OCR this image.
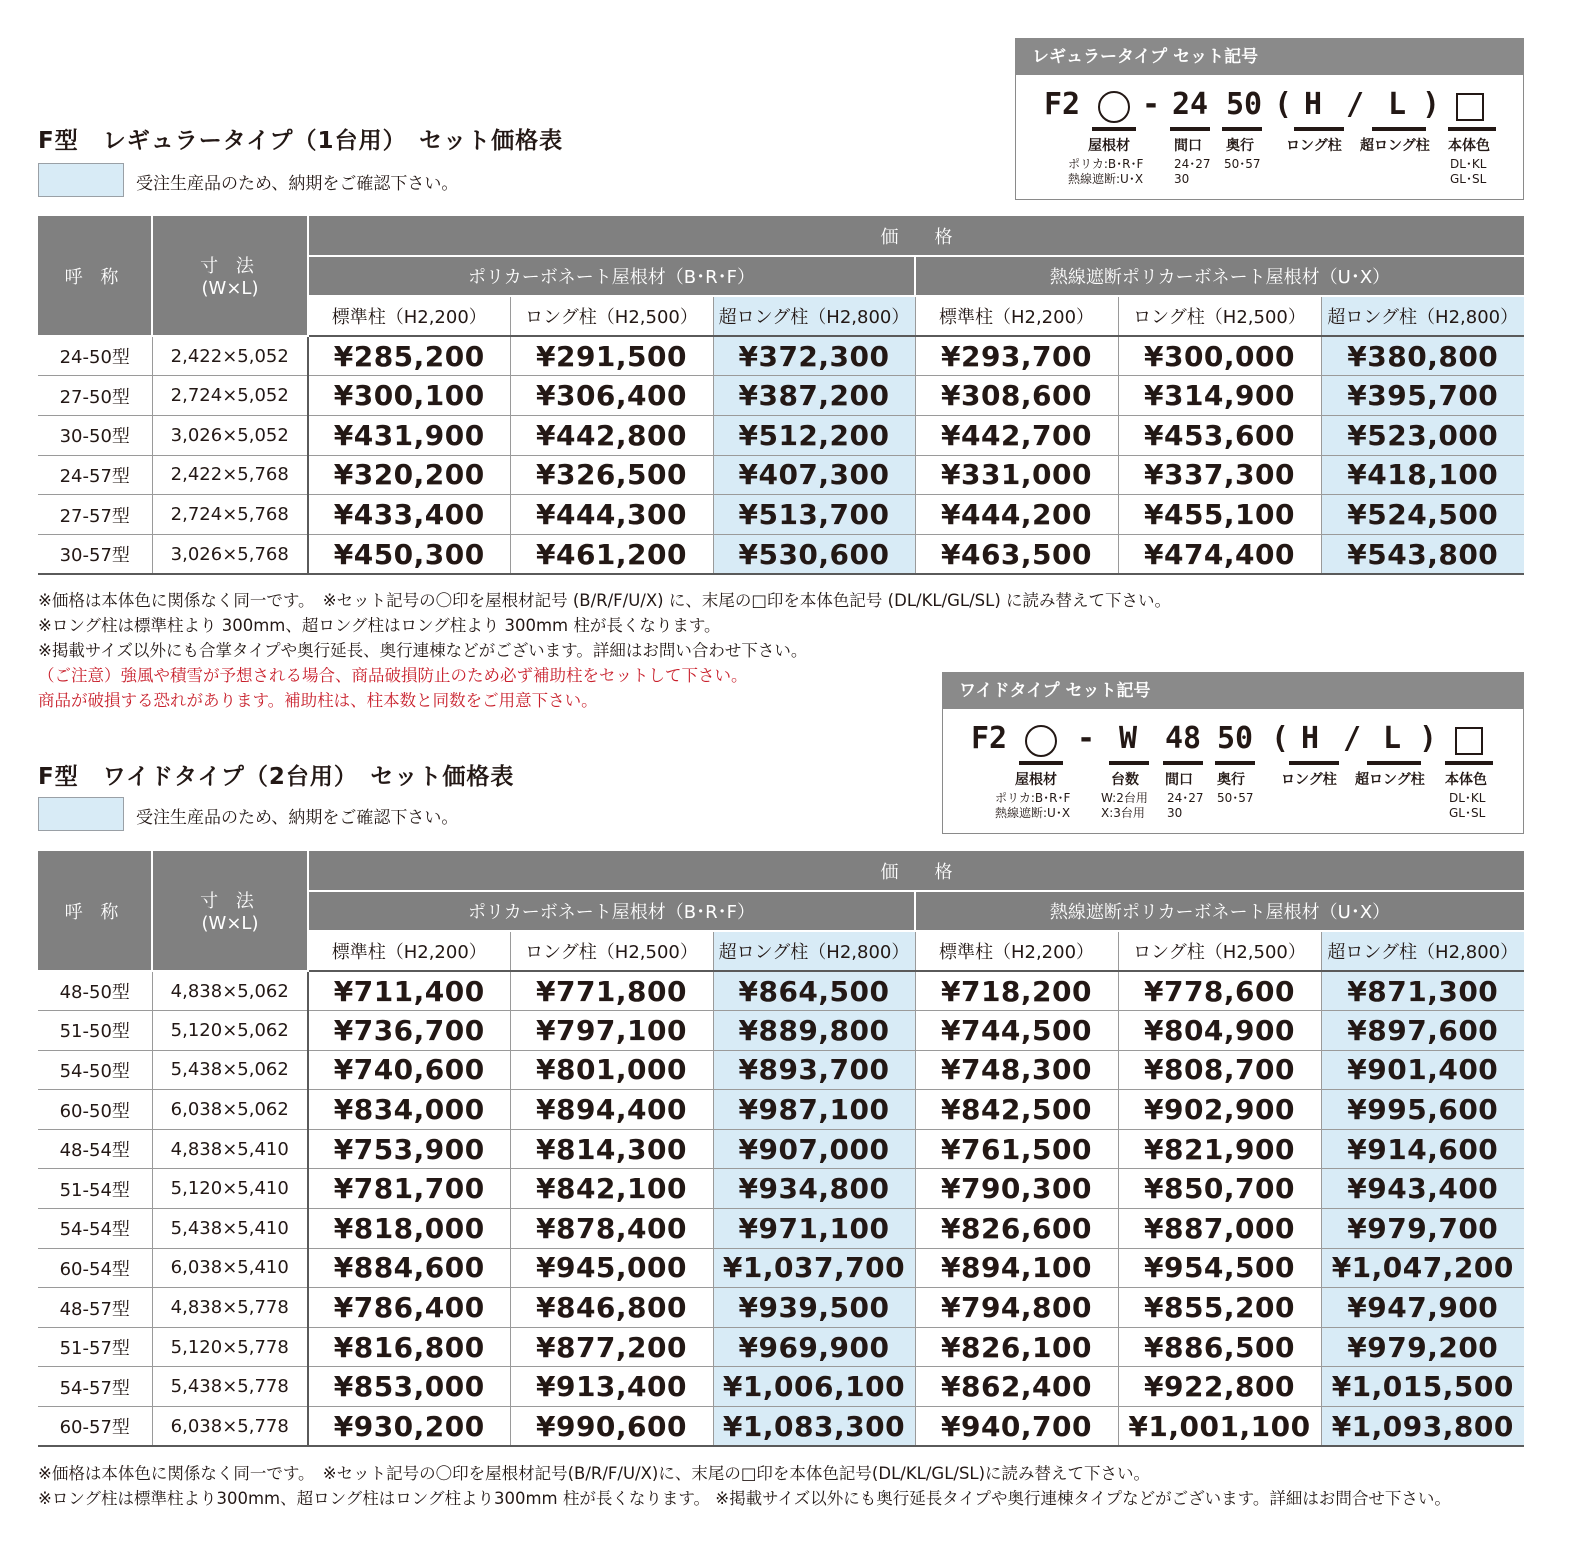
F型　レギュラータイプ（1台用）　セット価格表
受注生産品のため、納期をご確認下さい。
レギュラータイプ セット記号
F2 - 24 50 ( H / L )
屋根材	間口 奥行 ロング柱 超ロング柱 本体色
ポリカ:B･R･F
熱線遮断:U･X
24･27
30
50･57	DL･KL
GL･SL
呼 称	寸 法
(W×L)	価　　格					
		ポリカーボネート屋根材（B･R･F）			熱線遮断ポリカーボネート屋根材（U･X）		
		標準柱（H2,200）	ロング柱（H2,500）	超ロング柱（H2,800）	標準柱（H2,200）	ロング柱（H2,500）	超ロング柱（H2,800）
24-50型	2,422×5,052	¥285,200	¥291,500	¥372,300	¥293,700	¥300,000	¥380,800
27-50型	2,724×5,052	¥300,100	¥306,400	¥387,200	¥308,600	¥314,900	¥395,700
30-50型	3,026×5,052	¥431,900	¥442,800	¥512,200	¥442,700	¥453,600	¥523,000
24-57型	2,422×5,768	¥320,200	¥326,500	¥407,300	¥331,000	¥337,300	¥418,100
27-57型	2,724×5,768	¥433,400	¥444,300	¥513,700	¥444,200	¥455,100	¥524,500
30-57型	3,026×5,768	¥450,300	¥461,200	¥530,600	¥463,500	¥474,400	¥543,800
※価格は本体色に関係なく同一です。　※セット記号の〇印を屋根材記号 (B/R/F/U/X) に、末尾の□印を本体色記号 (DL/KL/GL/SL) に読み替えて下さい。
※ロング柱は標準柱より 300mm、超ロング柱はロング柱より 300mm 柱が長くなります。
※掲載サイズ以外にも合掌タイプや奥行延長、奥行連棟などがございます。詳細はお問い合わせ下さい。
（ご注意）強風や積雪が予想される場合、商品破損防止のため必ず補助柱をセットして下さい。
商品が破損する恐れがあります。補助柱は、柱本数と同数をご用意下さい。
F型　ワイドタイプ（2台用）　セット価格表
受注生産品のため、納期をご確認下さい。
ワイドタイプ セット記号
F2 - W 48 50 ( H / L )
屋根材	台数 間口 奥行	ロング柱 超ロング柱 本体色
ポリカ:B･R･F
熱線遮断:U･X
W:2台用
X:3台用
24･27
30
50･57	DL･KL
GL･SL
呼 称	寸 法
(W×L)	価　　格					
		ポリカーボネート屋根材（B･R･F）			熱線遮断ポリカーボネート屋根材（U･X）		
		標準柱（H2,200）	ロング柱（H2,500）	超ロング柱（H2,800）	標準柱（H2,200）	ロング柱（H2,500）	超ロング柱（H2,800）
48-50型	4,838×5,062	¥711,400	¥771,800	¥864,500	¥718,200	¥778,600	¥871,300
51-50型	5,120×5,062	¥736,700	¥797,100	¥889,800	¥744,500	¥804,900	¥897,600
54-50型	5,438×5,062	¥740,600	¥801,000	¥893,700	¥748,300	¥808,700	¥901,400
60-50型	6,038×5,062	¥834,000	¥894,400	¥987,100	¥842,500	¥902,900	¥995,600
48-54型	4,838×5,410	¥753,900	¥814,300	¥907,000	¥761,500	¥821,900	¥914,600
51-54型	5,120×5,410	¥781,700	¥842,100	¥934,800	¥790,300	¥850,700	¥943,400
54-54型	5,438×5,410	¥818,000	¥878,400	¥971,100	¥826,600	¥887,000	¥979,700
60-54型	6,038×5,410	¥884,600	¥945,000	¥1,037,700	¥894,100	¥954,500	¥1,047,200
48-57型	4,838×5,778	¥786,400	¥846,800	¥939,500	¥794,800	¥855,200	¥947,900
51-57型	5,120×5,778	¥816,800	¥877,200	¥969,900	¥826,100	¥886,500	¥979,200
54-57型	5,438×5,778	¥853,000	¥913,400	¥1,006,100	¥862,400	¥922,800	¥1,015,500
60-57型	6,038×5,778	¥930,200	¥990,600	¥1,083,300	¥940,700	¥1,001,100	¥1,093,800
※価格は本体色に関係なく同一です。　※セット記号の〇印を屋根材記号(B/R/F/U/X)に、末尾の□印を本体色記号(DL/KL/GL/SL)に読み替えて下さい。
※ロング柱は標準柱より300mm、超ロング柱はロング柱より300mm 柱が長くなります。 ※掲載サイズ以外にも奥行延長タイプや奥行連棟タイプなどがございます。詳細はお問合せ下さい。
